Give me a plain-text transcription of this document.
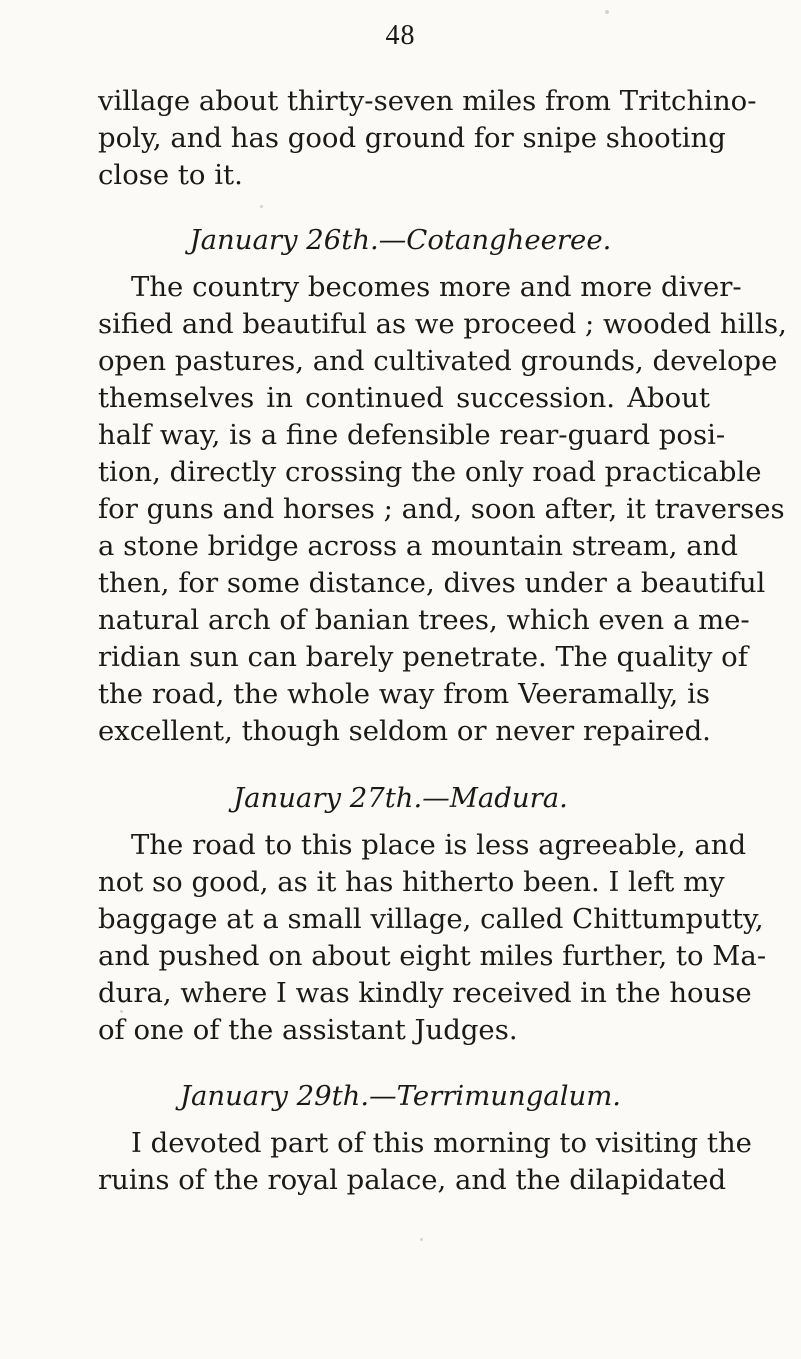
48
village about thirty-seven miles from Tritchino-
poly, and has good ground for snipe shooting
close to it.
January 26th.—Cotangheeree.
The country becomes more and more diver-
sified and beautiful as we proceed ; wooded hills,
open pastures, and cultivated grounds, develope
themselves in continued succession. About
half way, is a fine defensible rear-guard posi-
tion, directly crossing the only road practicable
for guns and horses ; and, soon after, it traverses
a stone bridge across a mountain stream, and
then, for some distance, dives under a beautiful
natural arch of banian trees, which even a me-
ridian sun can barely penetrate. The quality of
the road, the whole way from Veeramally, is
excellent, though seldom or never repaired.
January 27th.—Madura.
The road to this place is less agreeable, and
not so good, as it has hitherto been. I left my
baggage at a small village, called Chittumputty,
and pushed on about eight miles further, to Ma-
dura, where I was kindly received in the house
of one of the assistant Judges.
January 29th.—Terrimungalum.
I devoted part of this morning to visiting the
ruins of the royal palace, and the dilapidated
